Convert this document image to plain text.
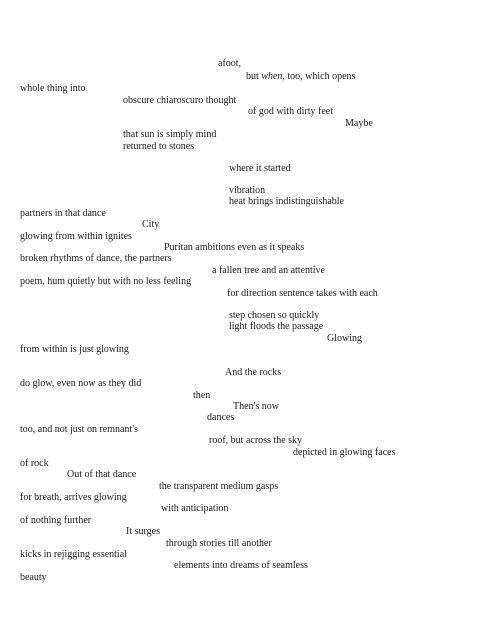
afoot,
but when, too, which opens
whole thing into
obscure chiaroscuro thought
of god with dirty feet
Maybe
that sun is simply mind
returned to stones
where it started
vibration
heat brings indistinguishable
partners in that dance
City
glowing from within ignites
Puritan ambitions even as it speaks
broken rhythms of dance, the partners
a fallen tree and an attentive
poem, hum quietly but with no less feeling
for direction sentence takes with each
step chosen so quickly
light floods the passage
Glowing
from within is just glowing
And the rocks
do glow, even now as they did
then
Then's now
dances
too, and not just on remnant's
roof, but across the sky
depicted in glowing faces
of rock
Out of that dance
the transparent medium gasps
for breath, arrives glowing
with anticipation
of nothing further
It surges
through stories till another
kicks in rejigging essential
elements into dreams of seamless
beauty
